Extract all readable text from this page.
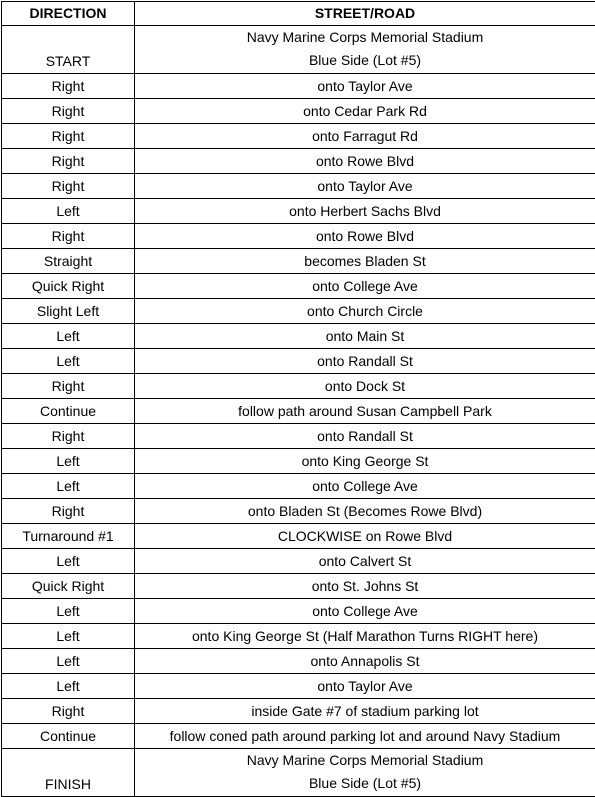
DIRECTION	STREET/ROAD
START	Navy Marine Corps Memorial Stadium
Blue Side (Lot #5)

Right	onto Taylor Ave
Right	onto Cedar Park Rd
Right	onto Farragut Rd
Right	onto Rowe Blvd
Right	onto Taylor Ave
Left	onto Herbert Sachs Blvd
Right	onto Rowe Blvd
Straight	becomes Bladen St
Quick Right	onto College Ave
Slight Left	onto Church Circle
Left	onto Main St
Left	onto Randall St
Right	onto Dock St
Continue	follow path around Susan Campbell Park
Right	onto Randall St
Left	onto King George St
Left	onto College Ave
Right	onto Bladen St (Becomes Rowe Blvd)
Turnaround #1	CLOCKWISE on Rowe Blvd
Left	onto Calvert St
Quick Right	onto St. Johns St
Left	onto College Ave
Left	onto King George St (Half Marathon Turns RIGHT here)
Left	onto Annapolis St
Left	onto Taylor Ave
Right	inside Gate #7 of stadium parking lot
Continue	follow coned path around parking lot and around Navy Stadium
FINISH	Navy Marine Corps Memorial Stadium
Blue Side (Lot #5)
